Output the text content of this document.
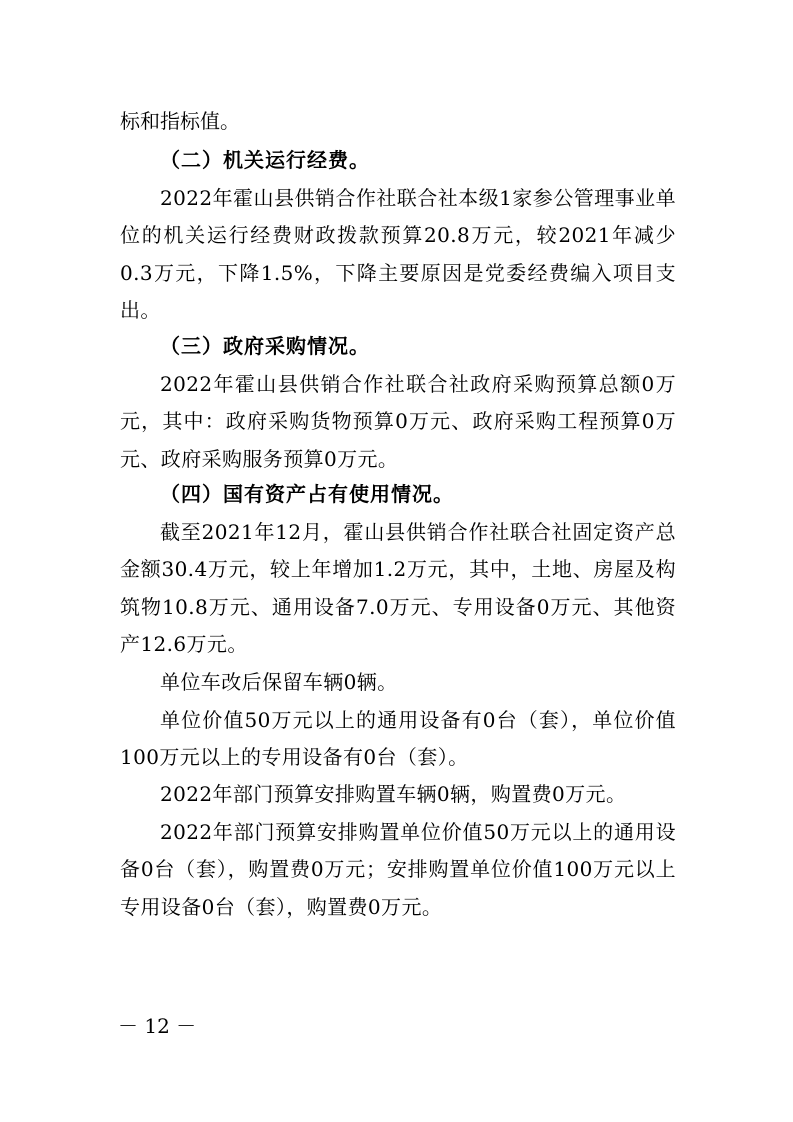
标和指标值。
（二）机关运行经费。
2022年霍山县供销合作社联合社本级1家参公管理事业单位的机关运行经费财政拨款预算20.8万元，较2021年减少0.3万元，下降1.5%，下降主要原因是党委经费编入项目支出。
（三）政府采购情况。
2022年霍山县供销合作社联合社政府采购预算总额0万元，其中：政府采购货物预算0万元、政府采购工程预算0万元、政府采购服务预算0万元。
（四）国有资产占有使用情况。
截至2021年12月，霍山县供销合作社联合社固定资产总金额30.4万元，较上年增加1.2万元，其中，土地、房屋及构筑物10.8万元、通用设备7.0万元、专用设备0万元、其他资产12.6万元。
单位车改后保留车辆0辆。
单位价值50万元以上的通用设备有0台（套），单位价值100万元以上的专用设备有0台（套）。
2022年部门预算安排购置车辆0辆，购置费0万元。
2022年部门预算安排购置单位价值50万元以上的通用设备0台（套），购置费0万元；安排购置单位价值100万元以上专用设备0台（套），购置费0万元。
－ 12 －
